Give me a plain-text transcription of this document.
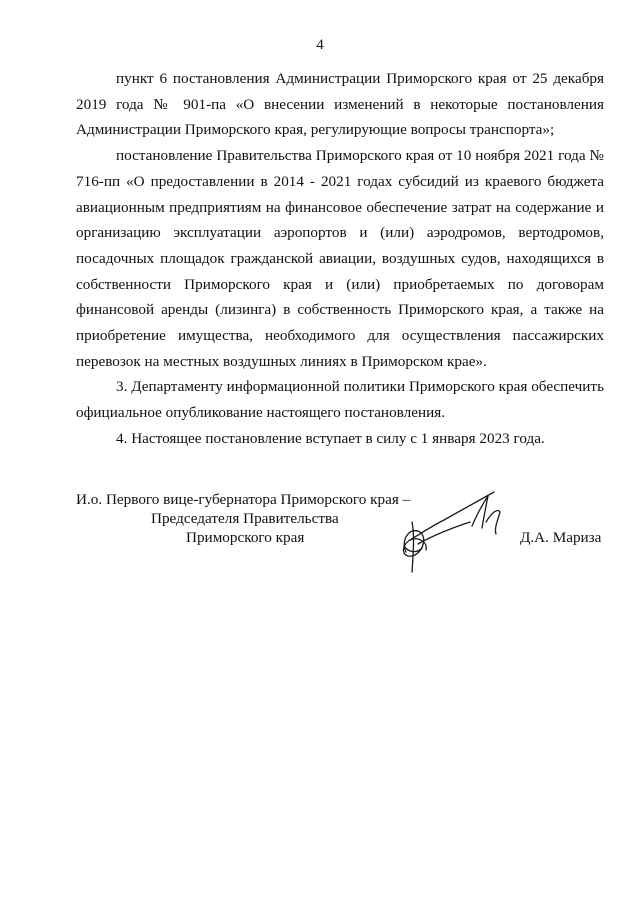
4

пункт 6 постановления Администрации Приморского края от 25 декабря 2019 года № 901-па «О внесении изменений в некоторые постановления Администрации Приморского края, регулирующие вопросы транспорта»;

постановление Правительства Приморского края от 10 ноября 2021 года № 716-пп «О предоставлении в 2014 - 2021 годах субсидий из краевого бюджета авиационным предприятиям на финансовое обеспечение затрат на содержание и организацию эксплуатации аэропортов и (или) аэродромов, вертодромов, посадочных площадок гражданской авиации, воздушных судов, находящихся в собственности Приморского края и (или) приобретаемых по договорам финансовой аренды (лизинга) в собственность Приморского края, а также на приобретение имущества, необходимого для осуществления пассажирских перевозок на местных воздушных линиях в Приморском крае».

3. Департаменту информационной политики Приморского края обеспечить официальное опубликование настоящего постановления.

4. Настоящее постановление вступает в силу с 1 января 2023 года.

И.о. Первого вице-губернатора Приморского края –
Председателя Правительства
Приморского края	Д.А. Мариза
